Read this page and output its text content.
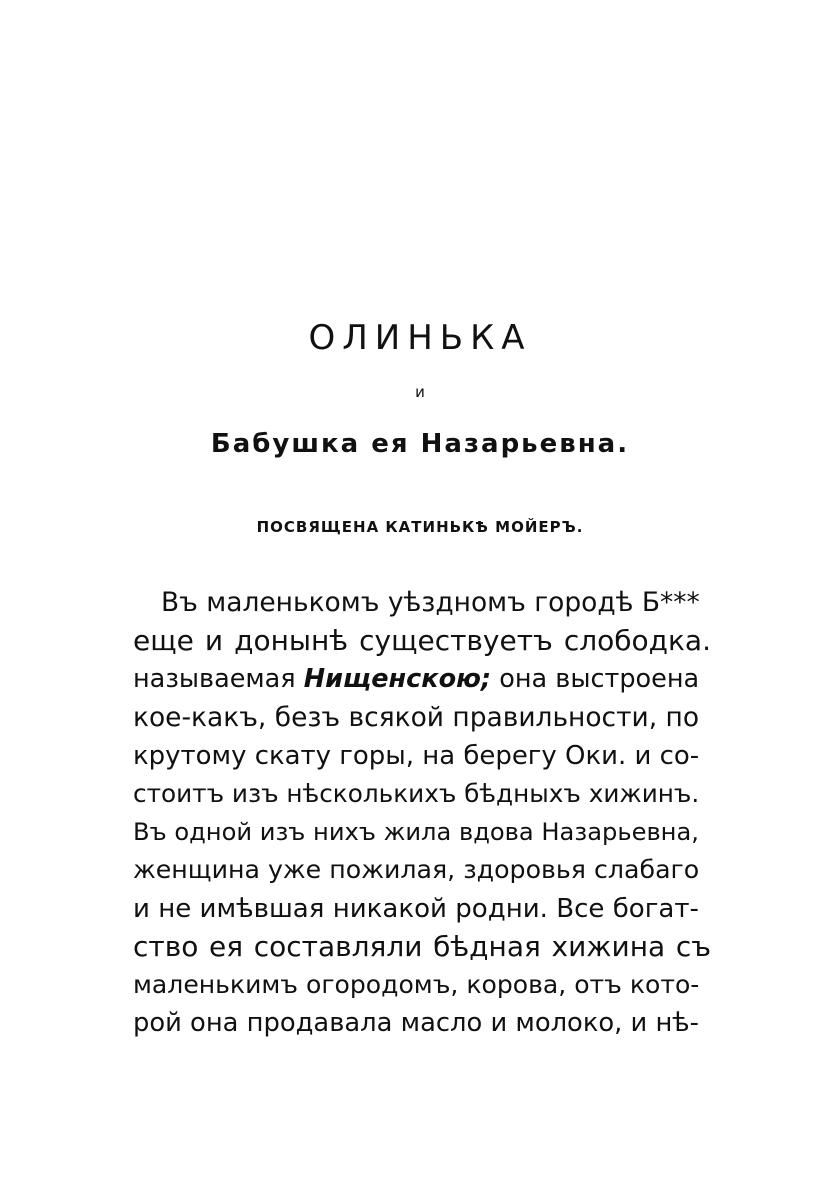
ОЛИНЬКА
и
Бабушка ея Назарьевна.
ПОСВЯЩЕНА КАТИНЬКѢ МОЙЕРЪ.
Въ маленькомъ уѣздномъ городѣ Б***
еще и донынѣ существуетъ слободка.
называемая Нищенскою; она выстроена
кое-какъ, безъ всякой правильности, по
крутому скату горы, на берегу Оки. и со-
стоитъ изъ нѣсколькихъ бѣдныхъ хижинъ.
Въ одной изъ нихъ жила вдова Назарьевна,
женщина уже пожилая, здоровья слабаго
и не имѣвшая никакой родни. Все богат-
ство ея составляли бѣдная хижина съ
маленькимъ огородомъ, корова, отъ кото-
рой она продавала масло и молоко, и нѣ-
